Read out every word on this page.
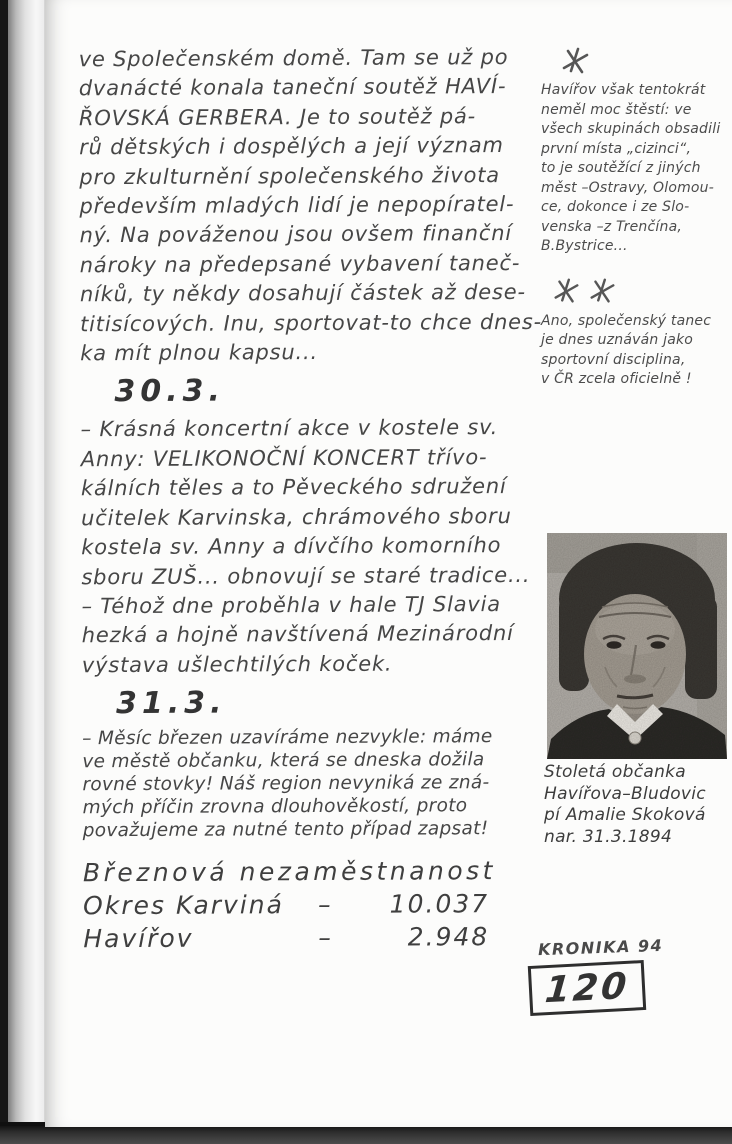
ve Společenském domě. Tam se už po
dvanácté konala taneční soutěž HAVÍ-
ŘOVSKÁ GERBERA. Je to soutěž pá-
rů dětských i dospělých a její význam
pro zkulturnění společenského života
především mladých lidí je nepopíratel-
ný. Na pováženou jsou ovšem finanční
nároky na předepsané vybavení taneč-
níků, ty někdy dosahují částek až dese-
titisícových. Inu, sportovat-to chce dnes-
ka mít plnou kapsu...
30.3.
– Krásná koncertní akce v kostele sv.
Anny: VELIKONOČNÍ KONCERT třívo-
kálních těles a to Pěveckého sdružení
učitelek Karvinska, chrámového sboru
kostela sv. Anny a dívčího komorního
sboru ZUŠ... obnovují se staré tradice...
– Téhož dne proběhla v hale TJ Slavia
hezká a hojně navštívená Mezinárodní
výstava ušlechtilých koček.
31.3.
– Měsíc březen uzavíráme nezvykle: máme
ve městě občanku, která se dneska dožila
rovné stovky! Náš region nevyniká ze zná-
mých příčin zrovna dlouhověkostí, proto
považujeme za nutné tento případ zapsat!
Březnová nezaměstnanost
Okres Karviná	–	10.037
Havířov	–	2.948
Havířov však tentokrát
neměl moc štěstí: ve
všech skupinách obsadili
první místa „cizinci“,
to je soutěžící z jiných
měst –Ostravy, Olomou-
ce, dokonce i ze Slo-
venska –z Trenčína,
B.Bystrice...
Ano, společenský tanec
je dnes uznáván jako
sportovní disciplina,
v ČR zcela oficielně !
Stoletá občanka
Havířova–Bludovic
pí Amalie Skoková
nar. 31.3.1894
KRONIKA 94
120
